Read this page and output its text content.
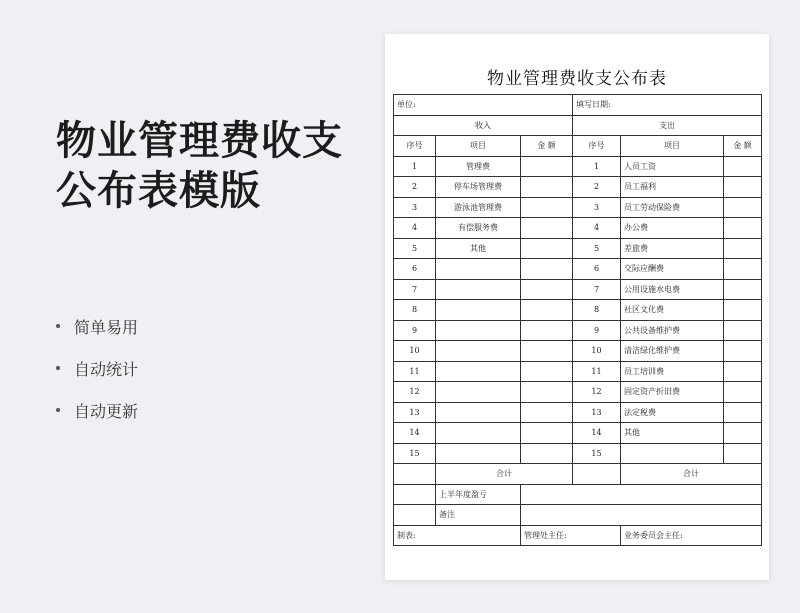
物业管理费收支
公布表模版
简单易用
自动统计
自动更新
物业管理费收支公布表
单位:			填写日期:		
收入			支出		
序号	项目	金 额	序号	项目	金 额
1	管理费		1	人员工资	
2	停车场管理费		2	员工福利	
3	游泳池管理费		3	员工劳动保险费	
4	有偿服务费		4	办公费	
5	其他		5	差旅费	
6			6	交际应酬费	
7			7	公用设施水电费	
8			8	社区文化费	
9			9	公共设备维护费	
10			10	清洁绿化维护费	
11			11	员工培训费	
12			12	固定资产折旧费	
13			13	法定税费	
14			14	其他	
15			15		
	合计			合计	
	上半年度盈亏				
	备注				
制表:		管理处主任:		业务委员会主任:	
